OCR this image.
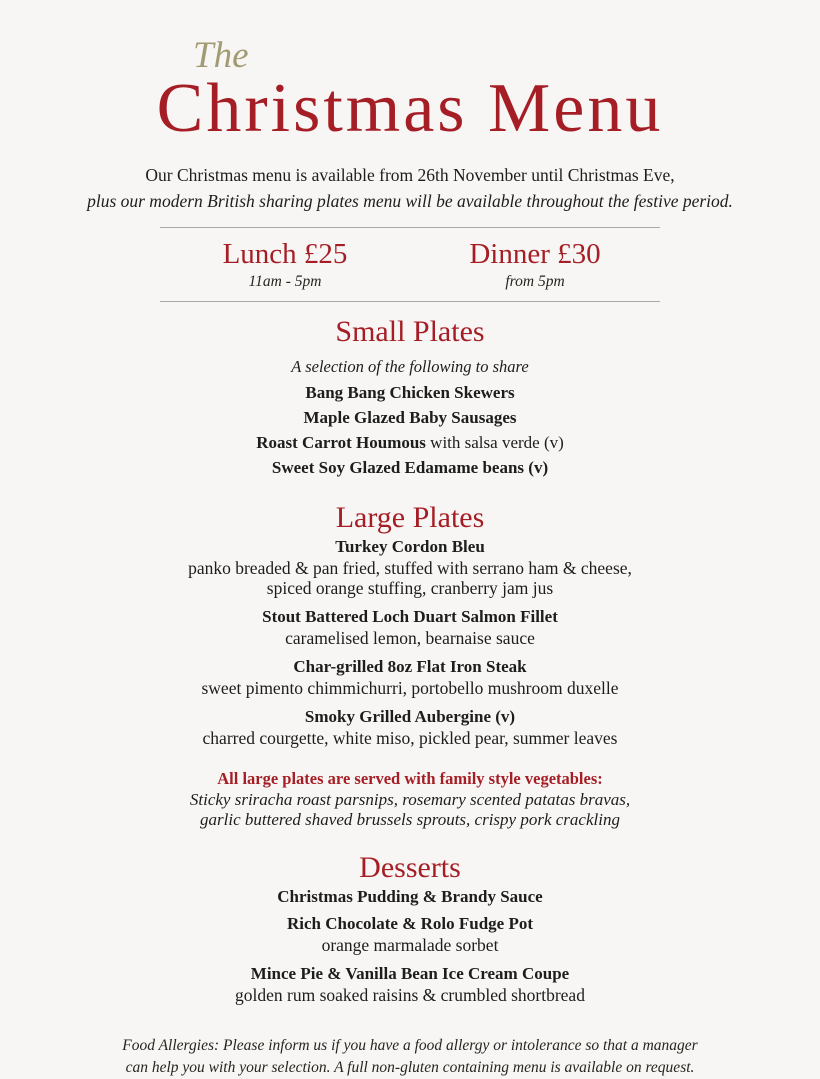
The
Christmas Menu
Our Christmas menu is available from 26th November until Christmas Eve,
plus our modern British sharing plates menu will be available throughout the festive period.
Lunch £25
11am - 5pm
Dinner £30
from 5pm
Small Plates
A selection of the following to share
Bang Bang Chicken Skewers
Maple Glazed Baby Sausages
Roast Carrot Houmous with salsa verde (v)
Sweet Soy Glazed Edamame beans (v)
Large Plates
Turkey Cordon Bleu
panko breaded & pan fried, stuffed with serrano ham & cheese,
spiced orange stuffing, cranberry jam jus
Stout Battered Loch Duart Salmon Fillet
caramelised lemon, bearnaise sauce
Char-grilled 8oz Flat Iron Steak
sweet pimento chimmichurri, portobello mushroom duxelle
Smoky Grilled Aubergine (v)
charred courgette, white miso, pickled pear, summer leaves
All large plates are served with family style vegetables:
Sticky sriracha roast parsnips, rosemary scented patatas bravas,
garlic buttered shaved brussels sprouts, crispy pork crackling
Desserts
Christmas Pudding & Brandy Sauce
Rich Chocolate & Rolo Fudge Pot
orange marmalade sorbet
Mince Pie & Vanilla Bean Ice Cream Coupe
golden rum soaked raisins & crumbled shortbread
Food Allergies: Please inform us if you have a food allergy or intolerance so that a manager
can help you with your selection. A full non-gluten containing menu is available on request.
